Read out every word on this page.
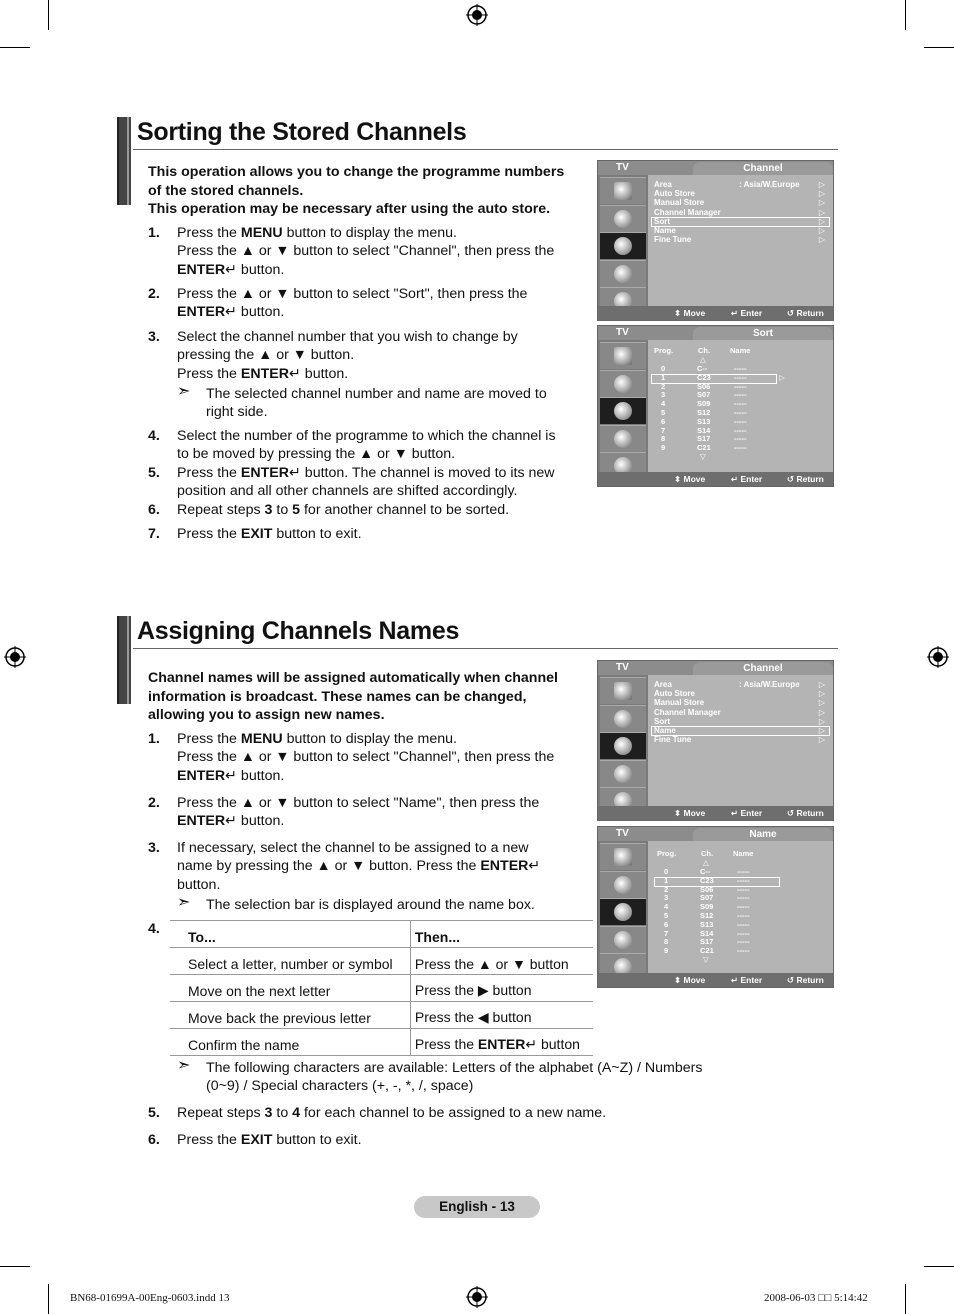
Sorting the Stored Channels
This operation allows you to change the programme numbers
of the stored channels.
This operation may be necessary after using the auto store.
1. Press the MENU button to display the menu.
Press the ▲ or ▼ button to select "Channel", then press the
ENTER↵ button.
2. Press the ▲ or ▼ button to select "Sort", then press the
ENTER↵ button.
3. Select the channel number that you wish to change by
pressing the ▲ or ▼ button.
Press the ENTER↵ button.
4. Select the number of the programme to which the channel is
to be moved by pressing the ▲ or ▼ button.
5. Press the ENTER↵ button. The channel is moved to its new
position and all other channels are shifted accordingly.
6. Repeat steps 3 to 5 for another channel to be sorted.
7. Press the EXIT button to exit.
➣ The selected channel number and name are moved to
right side.
Assigning Channels Names
Channel names will be assigned automatically when channel
information is broadcast. These names can be changed,
allowing you to assign new names.
1. Press the MENU button to display the menu.
Press the ▲ or ▼ button to select "Channel", then press the
ENTER↵ button.
2. Press the ▲ or ▼ button to select "Name", then press the
ENTER↵ button.
3. If necessary, select the channel to be assigned to a new
name by pressing the ▲ or ▼ button. Press the ENTER↵
button.
4.
5. Repeat steps 3 to 4 for each channel to be assigned to a new name.
6. Press the EXIT button to exit.
➣ The selection bar is displayed around the name box.
To...	Then...
Select a letter, number or symbol	Press the ▲ or ▼ button
Move on the next letter	Press the ▶ button
Move back the previous letter	Press the ◀ button
Confirm the name	Press the ENTER↵ button
➣ The following characters are available: Letters of the alphabet (A~Z) / Numbers
(0~9) / Special characters (+, -, *, /, space)
TV	Channel
Area	▷
Auto Store	▷
Manual Store	▷
Channel Manager	▷
Sort	▷
Name	▷
Fine Tune	▷
: Asia/W.Europe
⬍ Move	↵ Enter	↺ Return
TV	Sort
Prog.	Ch.	Name
△
0	C--	-----
1	C23	-----
2	S06	-----
3	S07	-----
4	S09	-----
5	S12	-----
6	S13	-----
7	S14	-----
8	S17	-----
9	C21	-----
▽
▷
⬍ Move	↵ Enter	↺ Return
TV	Channel
Area	▷
Auto Store	▷
Manual Store	▷
Channel Manager	▷
Sort	▷
Name	▷
Fine Tune	▷
: Asia/W.Europe
⬍ Move	↵ Enter	↺ Return
TV	Name
Prog.	Ch.	Name
△
0	C--	-----
1	C23	-----
2	S06	-----
3	S07	-----
4	S09	-----
5	S12	-----
6	S13	-----
7	S14	-----
8	S17	-----
9	C21	-----
▽
⬍ Move	↵ Enter	↺ Return
English - 13
BN68-01699A-00Eng-0603.indd 13	2008-06-03 □□ 5:14:42
